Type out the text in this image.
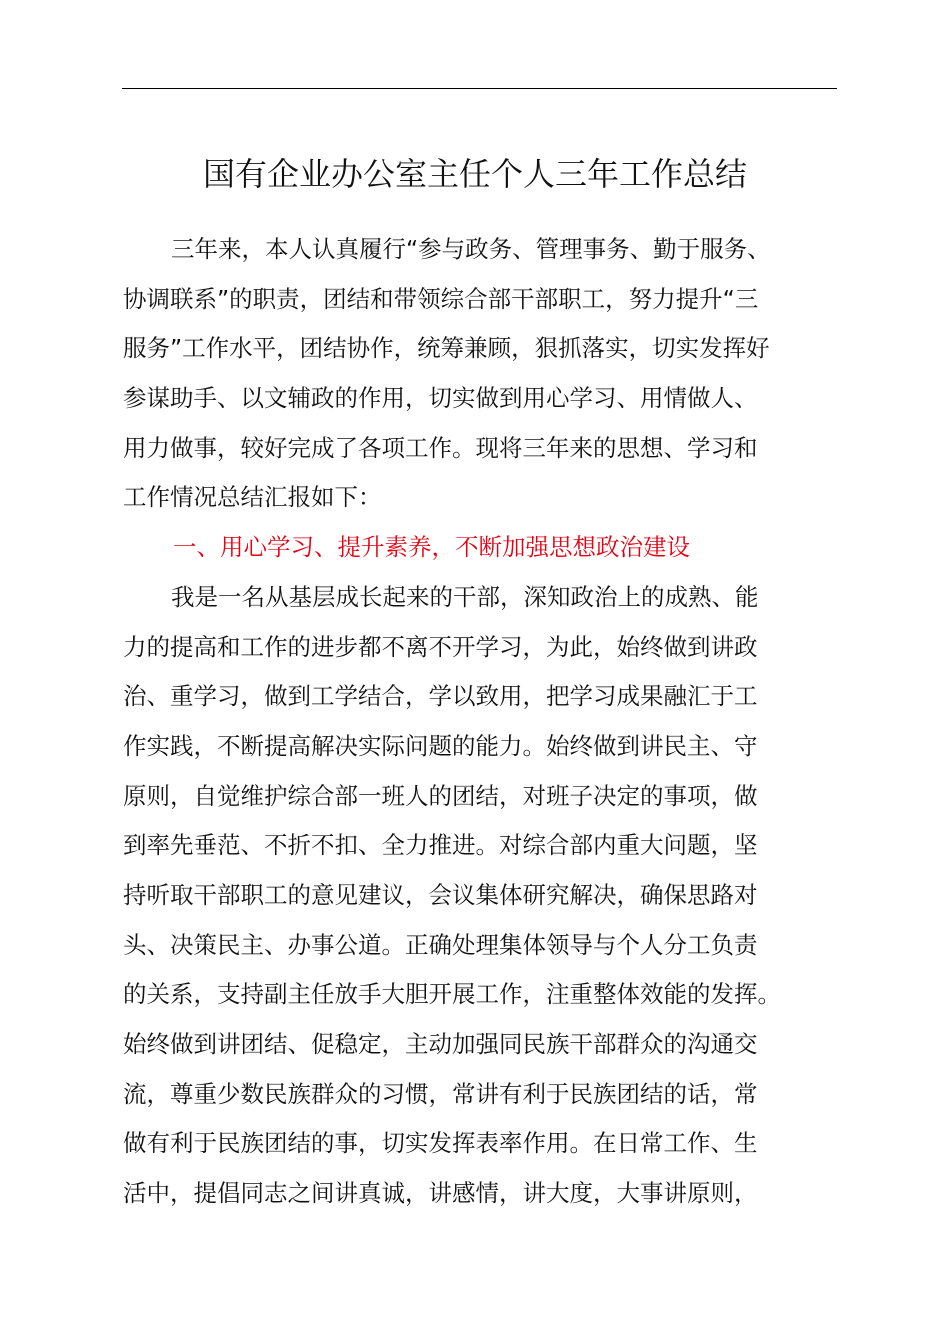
国有企业办公室主任个人三年工作总结
三年来，本人认真履行“参与政务、管理事务、勤于服务、
协调联系”的职责，团结和带领综合部干部职工，努力提升“三
服务”工作水平，团结协作，统筹兼顾，狠抓落实，切实发挥好
参谋助手、以文辅政的作用，切实做到用心学习、用情做人、
用力做事，较好完成了各项工作。现将三年来的思想、学习和
工作情况总结汇报如下：
一、用心学习、提升素养，不断加强思想政治建设
我是一名从基层成长起来的干部，深知政治上的成熟、能
力的提高和工作的进步都不离不开学习，为此，始终做到讲政
治、重学习，做到工学结合，学以致用，把学习成果融汇于工
作实践，不断提高解决实际问题的能力。始终做到讲民主、守
原则，自觉维护综合部一班人的团结，对班子决定的事项，做
到率先垂范、不折不扣、全力推进。对综合部内重大问题，坚
持听取干部职工的意见建议，会议集体研究解决，确保思路对
头、决策民主、办事公道。正确处理集体领导与个人分工负责
的关系，支持副主任放手大胆开展工作，注重整体效能的发挥。
始终做到讲团结、促稳定，主动加强同民族干部群众的沟通交
流，尊重少数民族群众的习惯，常讲有利于民族团结的话，常
做有利于民族团结的事，切实发挥表率作用。在日常工作、生
活中，提倡同志之间讲真诚，讲感情，讲大度，大事讲原则，
